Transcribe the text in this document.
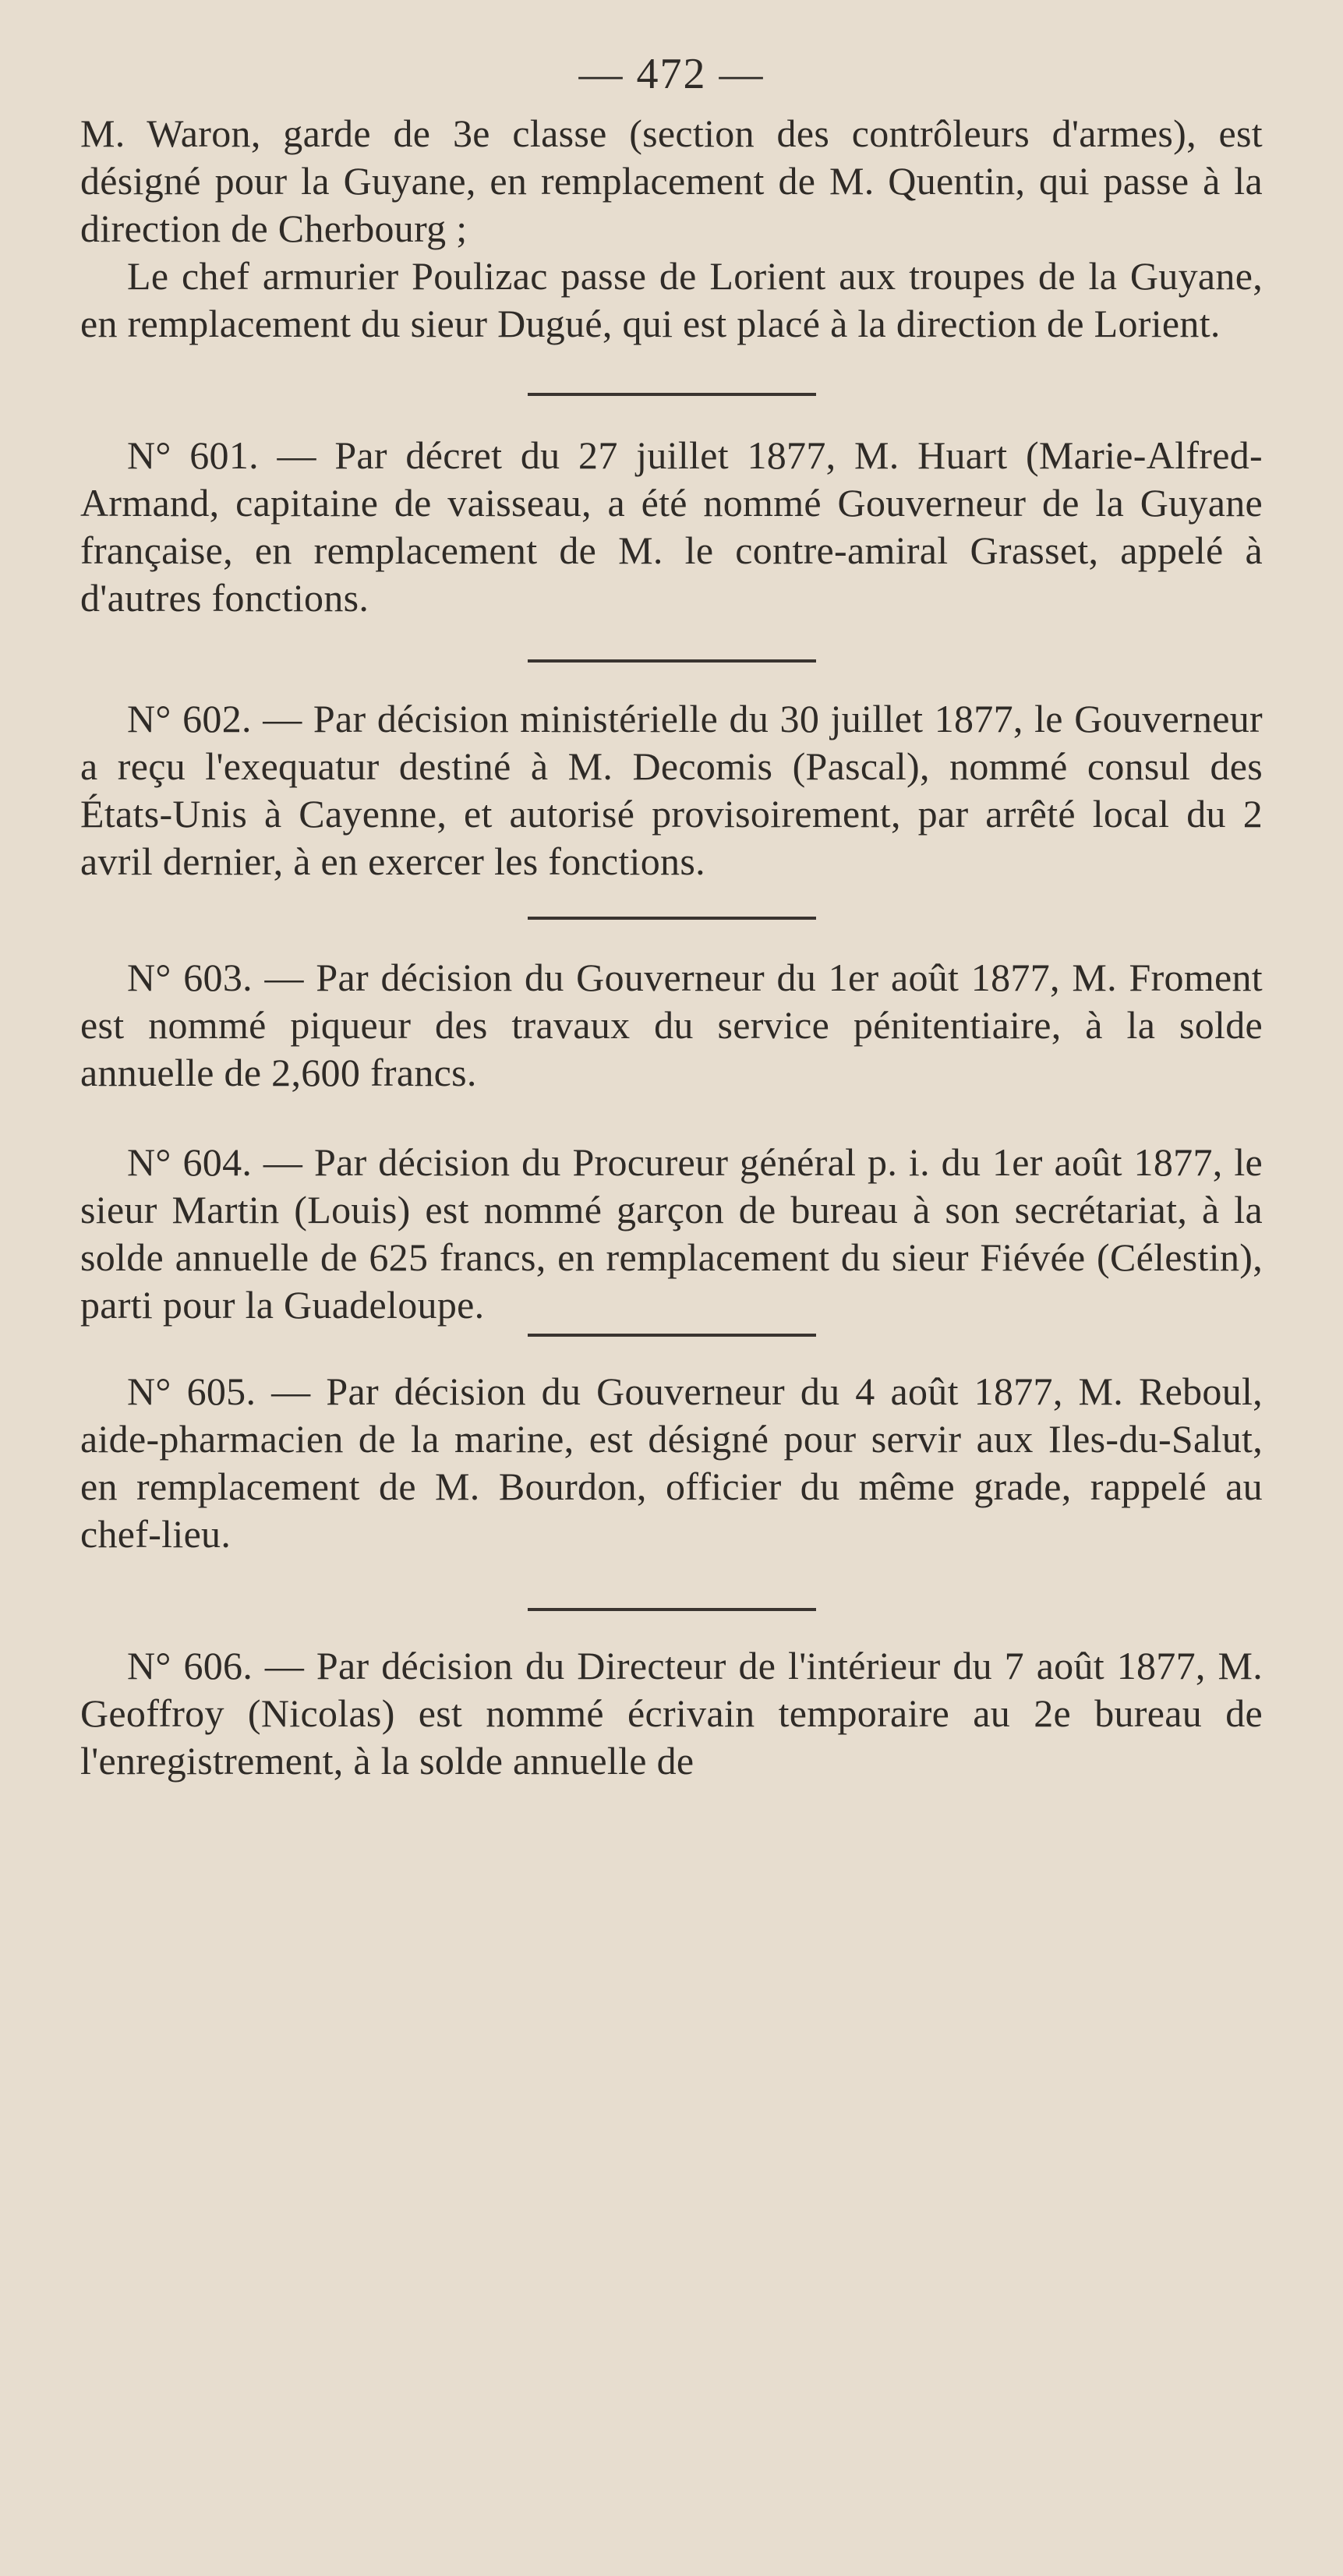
— 472 —

M. Waron, garde de 3e classe (section des contrôleurs d'armes), est désigné pour la Guyane, en remplacement de M. Quentin, qui passe à la direction de Cherbourg ;

Le chef armurier Poulizac passe de Lorient aux troupes de la Guyane, en remplacement du sieur Dugué, qui est placé à la direction de Lorient.

N° 601. — Par décret du 27 juillet 1877, M. Huart (Marie-Alfred-Armand, capitaine de vaisseau, a été nommé Gouverneur de la Guyane française, en remplacement de M. le contre-amiral Grasset, appelé à d'autres fonctions.

N° 602. — Par décision ministérielle du 30 juillet 1877, le Gouverneur a reçu l'exequatur destiné à M. Decomis (Pascal), nommé consul des États-Unis à Cayenne, et autorisé provisoirement, par arrêté local du 2 avril dernier, à en exercer les fonctions.

N° 603. — Par décision du Gouverneur du 1er août 1877, M. Froment est nommé piqueur des travaux du service pénitentiaire, à la solde annuelle de 2,600 francs.

N° 604. — Par décision du Procureur général p. i. du 1er août 1877, le sieur Martin (Louis) est nommé garçon de bureau à son secrétariat, à la solde annuelle de 625 francs, en remplacement du sieur Fiévée (Célestin), parti pour la Guadeloupe.

N° 605. — Par décision du Gouverneur du 4 août 1877, M. Reboul, aide-pharmacien de la marine, est désigné pour servir aux Iles-du-Salut, en remplacement de M. Bourdon, officier du même grade, rappelé au chef-lieu.

N° 606. — Par décision du Directeur de l'intérieur du 7 août 1877, M. Geoffroy (Nicolas) est nommé écrivain temporaire au 2e bureau de l'enregistrement, à la solde annuelle de
